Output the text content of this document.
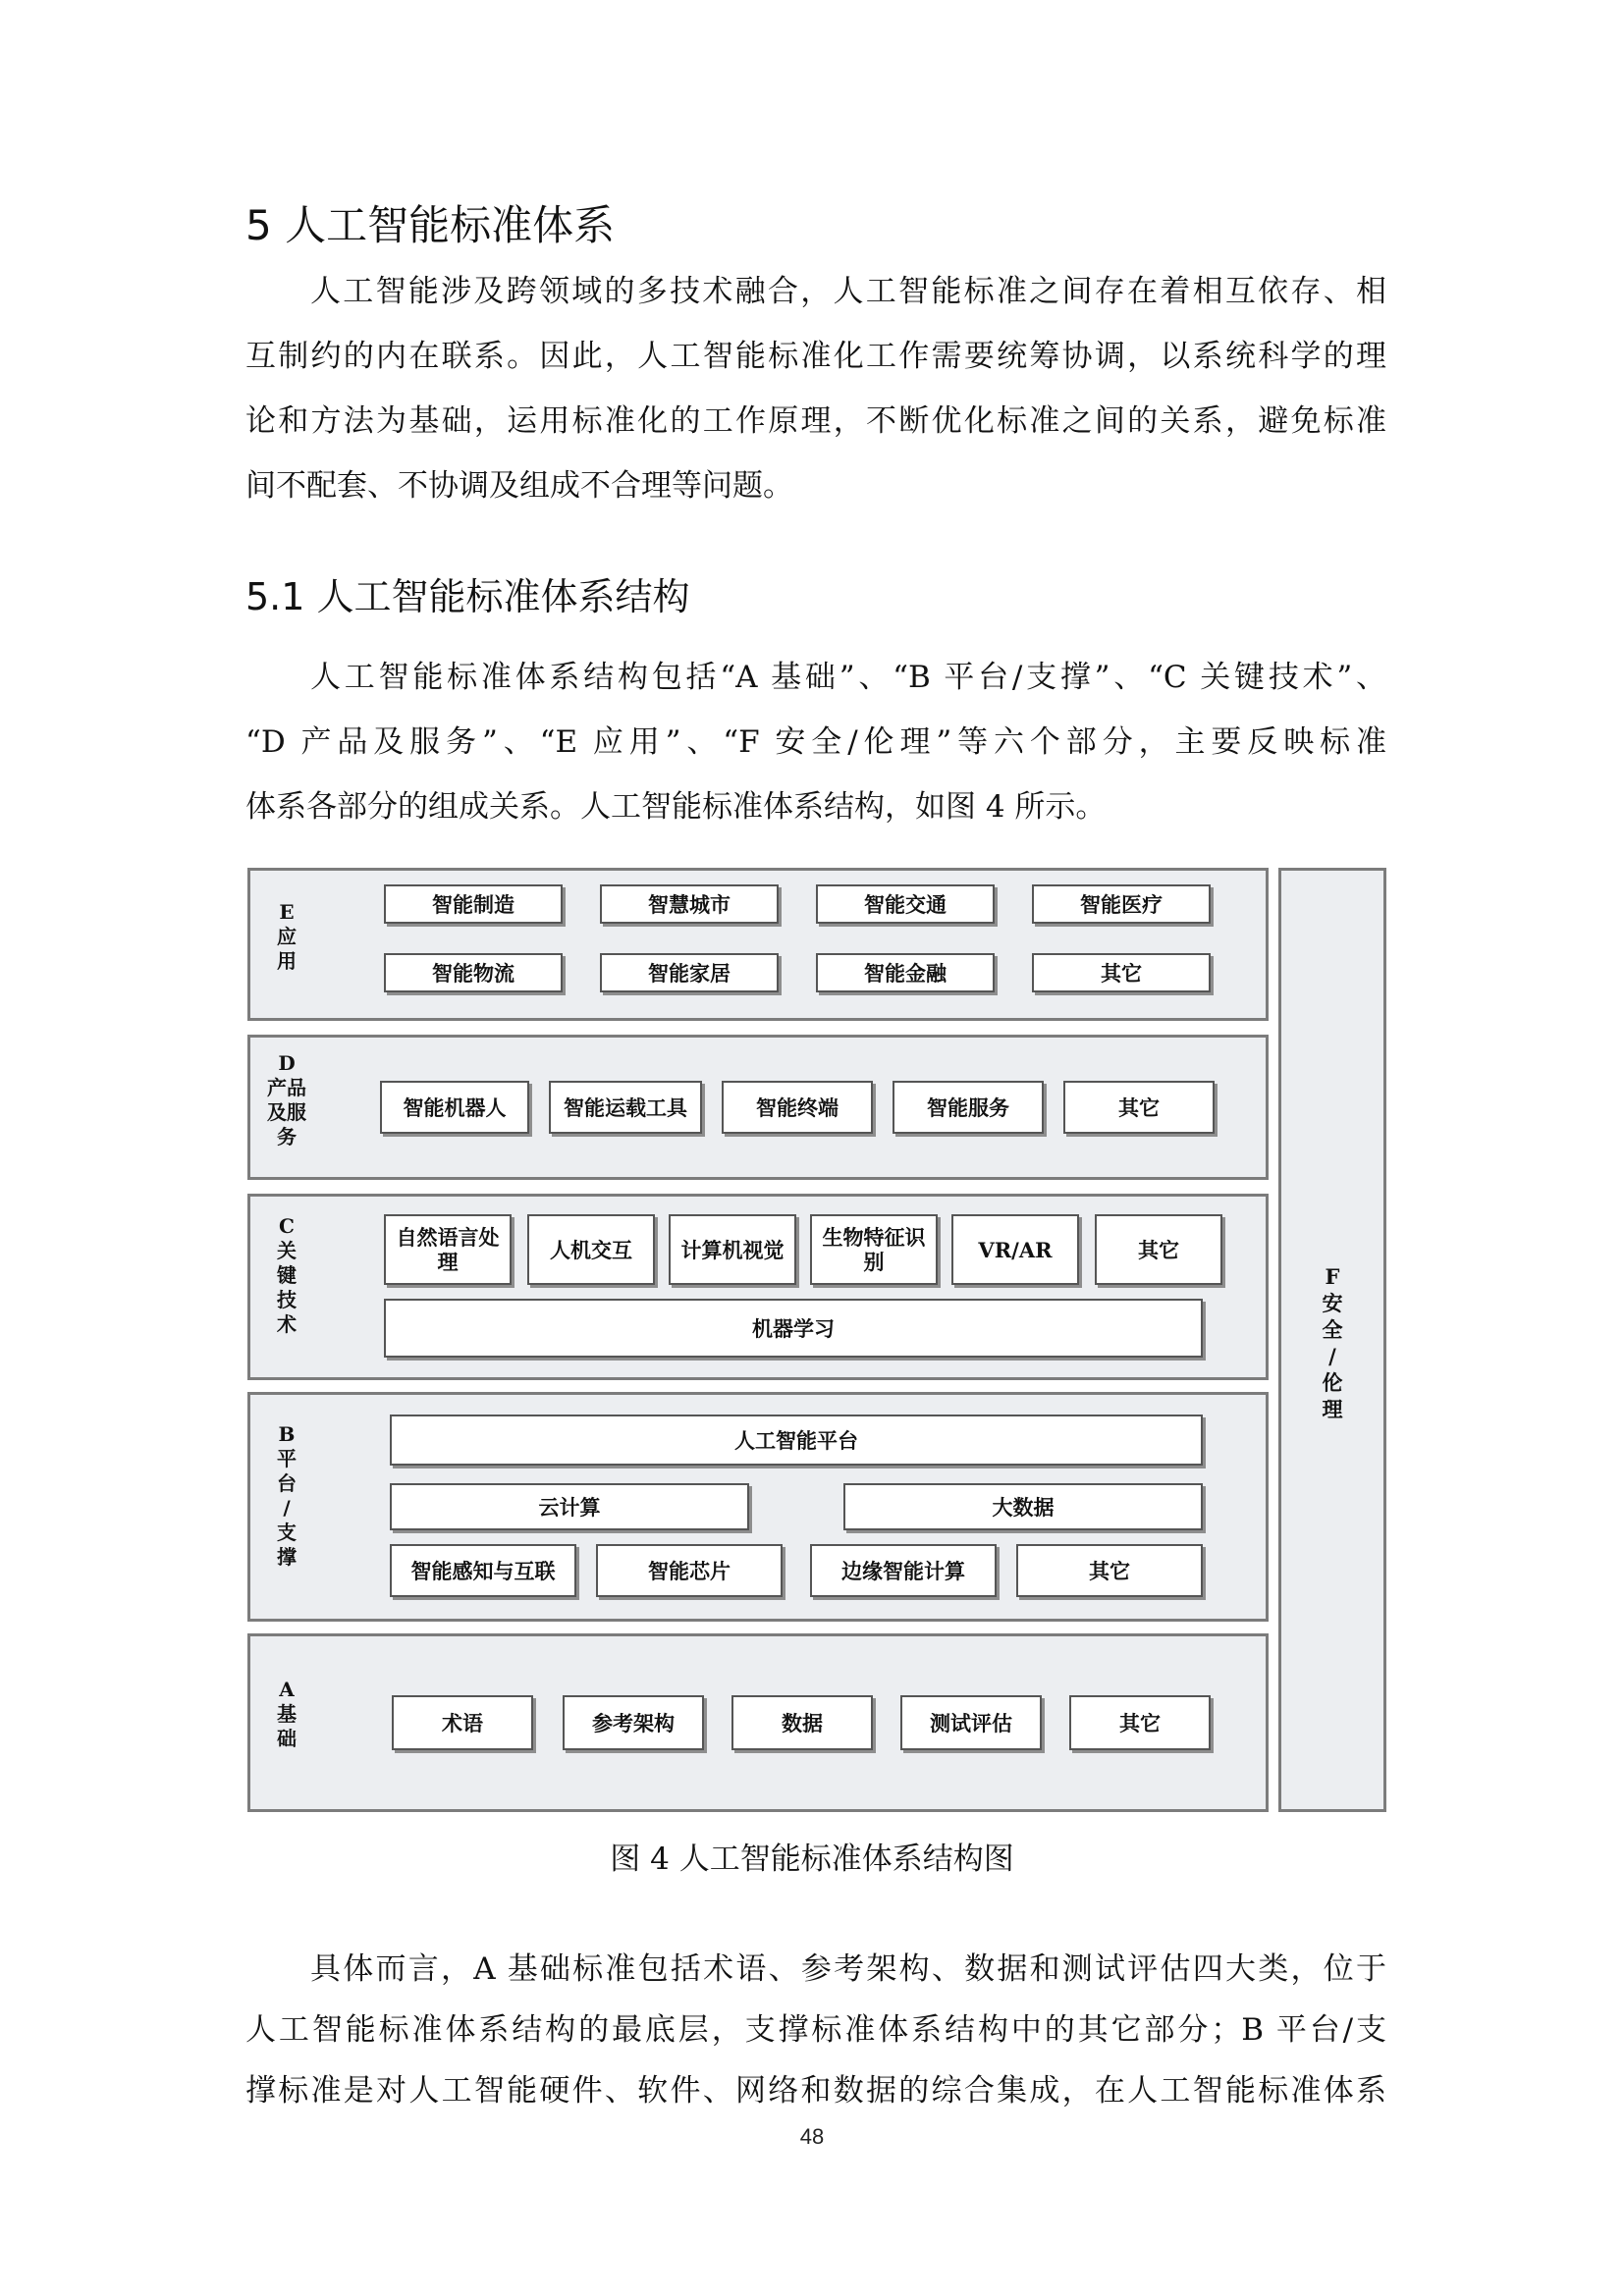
5 人工智能标准体系
人工智能涉及跨领域的多技术融合，人工智能标准之间存在着相互依存、相
互制约的内在联系。因此，人工智能标准化工作需要统筹协调，以系统科学的理
论和方法为基础，运用标准化的工作原理，不断优化标准之间的关系，避免标准
间不配套、不协调及组成不合理等问题。
5.1 人工智能标准体系结构
人工智能标准体系结构包括“A 基础”、“B 平台/支撑”、“C 关键技术”、
“D 产品及服务”、“E 应用”、“F 安全/伦理”等六个部分，主要反映标准
体系各部分的组成关系。人工智能标准体系结构，如图 4 所示。
E
应
用
智能制造	智慧城市	智能交通	智能医疗
智能物流	智能家居	智能金融	其它
D
产品
及服
务
智能机器人	智能运载工具	智能终端	智能服务	其它
C
关
键
技
术
自然语言处理	人机交互	计算机视觉	生物特征识别	VR/AR	其它
机器学习
B
平
台
/
支
撑
人工智能平台
云计算	大数据
智能感知与互联	智能芯片	边缘智能计算	其它
A
基
础
术语	参考架构	数据	测试评估	其它
F
安
全
/
伦
理
图 4 人工智能标准体系结构图
具体而言，A 基础标准包括术语、参考架构、数据和测试评估四大类，位于
人工智能标准体系结构的最底层，支撑标准体系结构中的其它部分；B 平台/支
撑标准是对人工智能硬件、软件、网络和数据的综合集成，在人工智能标准体系
48
